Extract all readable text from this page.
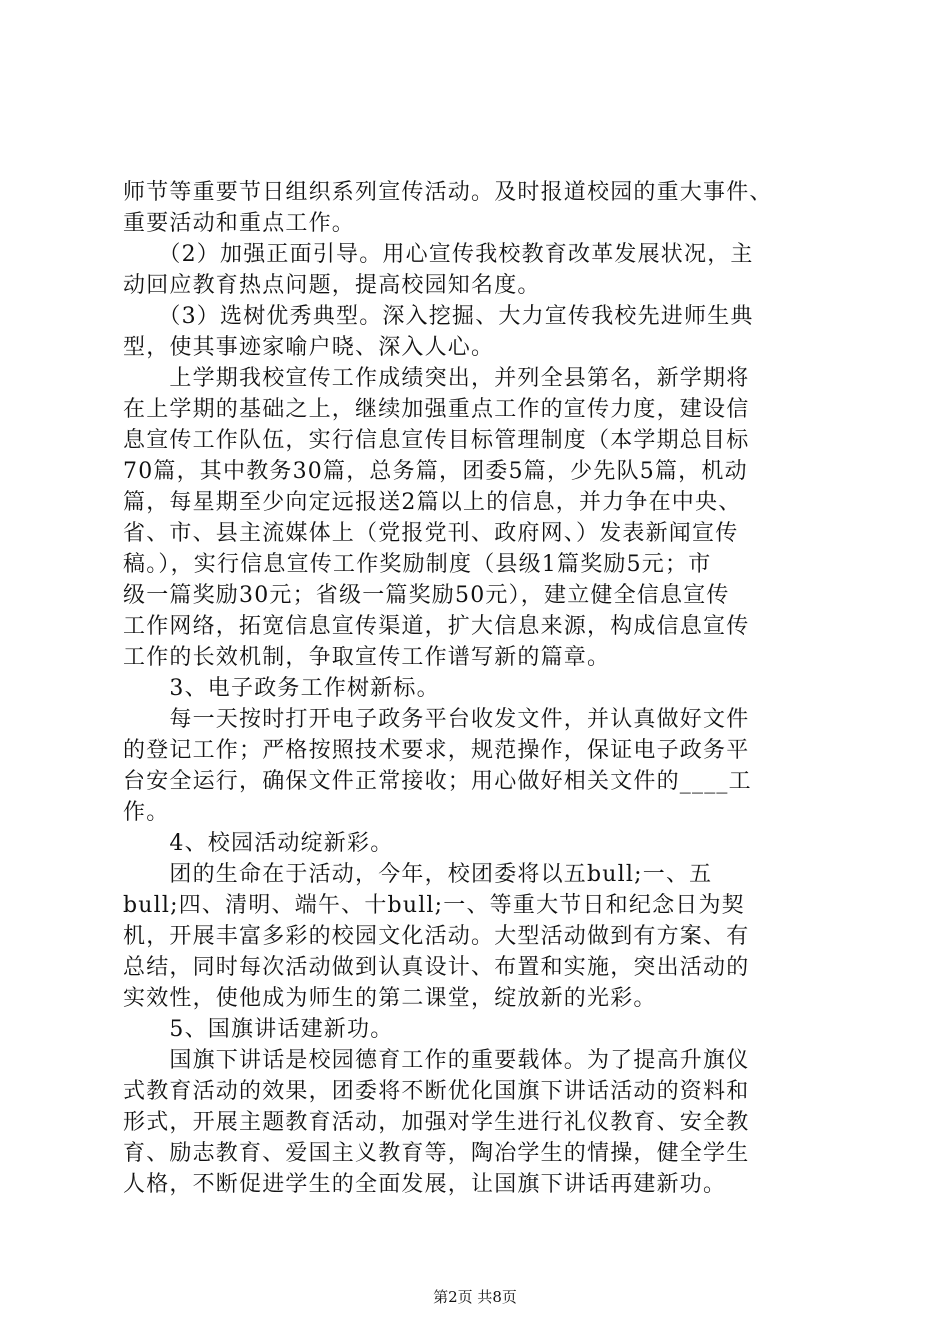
师节等重要节日组织系列宣传活动。及时报道校园的重大事件、

重要活动和重点工作。

　　（2）加强正面引导。用心宣传我校教育改革发展状况，主

动回应教育热点问题，提高校园知名度。

　　（3）选树优秀典型。深入挖掘、大力宣传我校先进师生典

型，使其事迹家喻户晓、深入人心。

　　上学期我校宣传工作成绩突出，并列全县第名，新学期将

在上学期的基础之上，继续加强重点工作的宣传力度，建设信

息宣传工作队伍，实行信息宣传目标管理制度（本学期总目标

70篇，其中教务30篇，总务篇，团委5篇，少先队5篇，机动

篇，每星期至少向定远报送2篇以上的信息，并力争在中央、

省、市、县主流媒体上（党报党刊、政府网、）发表新闻宣传

稿。），实行信息宣传工作奖励制度（县级1篇奖励5元；市

级一篇奖励30元；省级一篇奖励50元），建立健全信息宣传

工作网络，拓宽信息宣传渠道，扩大信息来源，构成信息宣传

工作的长效机制，争取宣传工作谱写新的篇章。

　　3、电子政务工作树新标。

　　每一天按时打开电子政务平台收发文件，并认真做好文件

的登记工作；严格按照技术要求，规范操作，保证电子政务平

台安全运行，确保文件正常接收；用心做好相关文件的____工

作。

　　4、校园活动绽新彩。

　　团的生命在于活动，今年，校团委将以五bull;一、五

bull;四、清明、端午、十bull;一、等重大节日和纪念日为契

机，开展丰富多彩的校园文化活动。大型活动做到有方案、有

总结，同时每次活动做到认真设计、布置和实施，突出活动的

实效性，使他成为师生的第二课堂，绽放新的光彩。

　　5、国旗讲话建新功。

　　国旗下讲话是校园德育工作的重要载体。为了提高升旗仪

式教育活动的效果，团委将不断优化国旗下讲话活动的资料和

形式，开展主题教育活动，加强对学生进行礼仪教育、安全教

育、励志教育、爱国主义教育等，陶冶学生的情操，健全学生

人格，不断促进学生的全面发展，让国旗下讲话再建新功。

第2页 共8页
